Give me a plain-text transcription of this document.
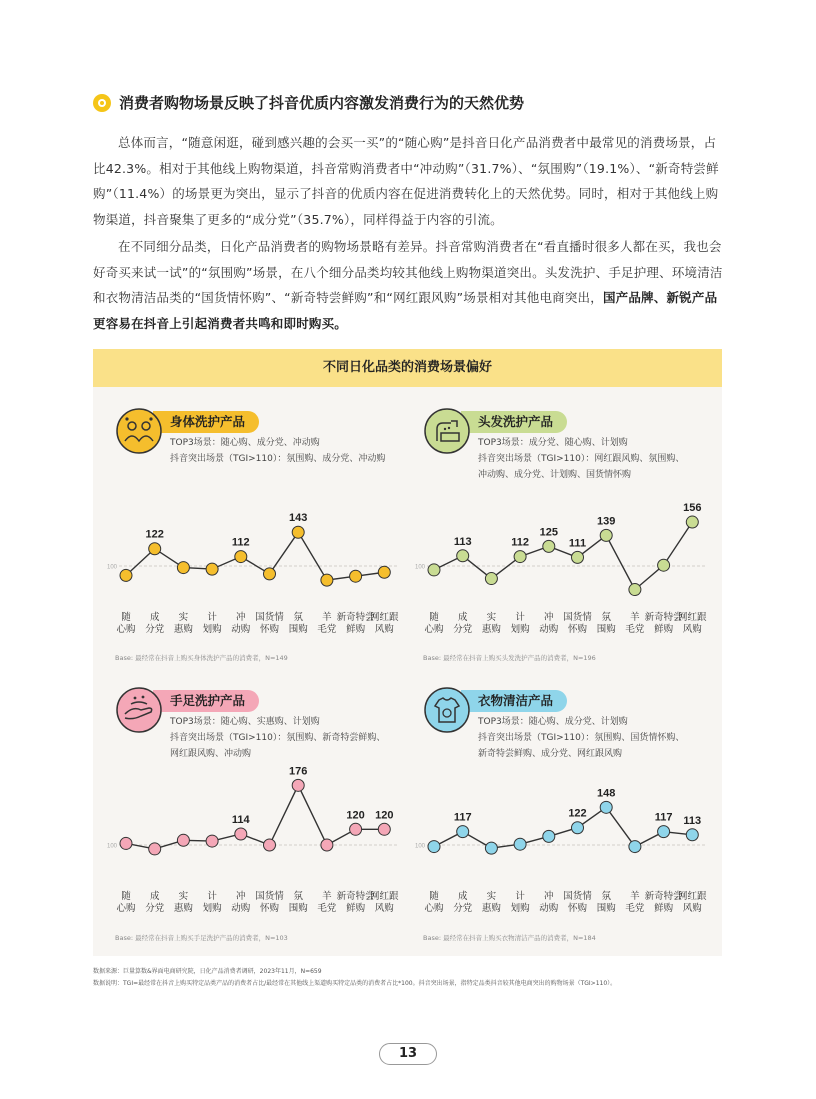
消费者购物场景反映了抖音优质内容激发消费行为的天然优势
总体而言，“随意闲逛，碰到感兴趣的会买一买”的“随心购”是抖音日化产品消费者中最常见的消费场景，占比42.3%。相对于其他线上购物渠道，抖音常购消费者中“冲动购”（31.7%）、“氛围购”（19.1%）、“新奇特尝鲜购”（11.4%）的场景更为突出，显示了抖音的优质内容在促进消费转化上的天然优势。同时，相对于其他线上购物渠道，抖音聚集了更多的“成分党”（35.7%），同样得益于内容的引流。
在不同细分品类，日化产品消费者的购物场景略有差异。抖音常购消费者在“看直播时很多人都在买，我也会好奇买来试一试”的“氛围购”场景，在八个细分品类均较其他线上购物渠道突出。头发洗护、手足护理、环境清洁和衣物清洁品类的“国货情怀购”、“新奇特尝鲜购”和“网红跟风购”场景相对其他电商突出，国产品牌、新锐产品更容易在抖音上引起消费者共鸣和即时购买。
不同日化品类的消费场景偏好
身体洗护产品
TOP3场景：随心购、成分党、冲动购
抖音突出场景（TGI>110）：氛围购、成分党、冲动购
100
随
心购
122
成
分党
实
惠购
计
划购
112
冲
动购
国货情
怀购
143
氛
围购
羊
毛党
新奇特尝
鲜购
网红跟
风购
Base: 最经常在抖音上购买身体洗护产品的消费者，N=149
头发洗护产品
TOP3场景：成分党、随心购、计划购
抖音突出场景（TGI>110）：网红跟风购、氛围购、
冲动购、成分党、计划购、国货情怀购
100
随
心购
113
成
分党
实
惠购
112
计
划购
125
冲
动购
111
国货情
怀购
139
氛
围购
羊
毛党
新奇特尝
鲜购
156
网红跟
风购
Base: 最经常在抖音上购买头发洗护产品的消费者，N=196
手足洗护产品
TOP3场景：随心购、实惠购、计划购
抖音突出场景（TGI>110）：氛围购、新奇特尝鲜购、
网红跟风购、冲动购
100
随
心购
成
分党
实
惠购
计
划购
114
冲
动购
国货情
怀购
176
氛
围购
羊
毛党
120
新奇特尝
鲜购
120
网红跟
风购
Base: 最经常在抖音上购买手足洗护产品的消费者，N=103
衣物清洁产品
TOP3场景：随心购、成分党、计划购
抖音突出场景（TGI>110）：氛围购、国货情怀购、
新奇特尝鲜购、成分党、网红跟风购
100
随
心购
117
成
分党
实
惠购
计
划购
冲
动购
122
国货情
怀购
148
氛
围购
羊
毛党
117
新奇特尝
鲜购
113
网红跟
风购
Base: 最经常在抖音上购买衣物清洁产品的消费者，N=184
数据来源：巨量算数&界面电商研究院，日化产品消费者调研，2023年11月，N=659
数据说明：TGI=最经常在抖音上购买特定品类产品的消费者占比/最经常在其他线上渠道购买特定品类的消费者占比*100。抖音突出场景，指特定品类抖音较其他电商突出的购物场景（TGI>110）。
13
